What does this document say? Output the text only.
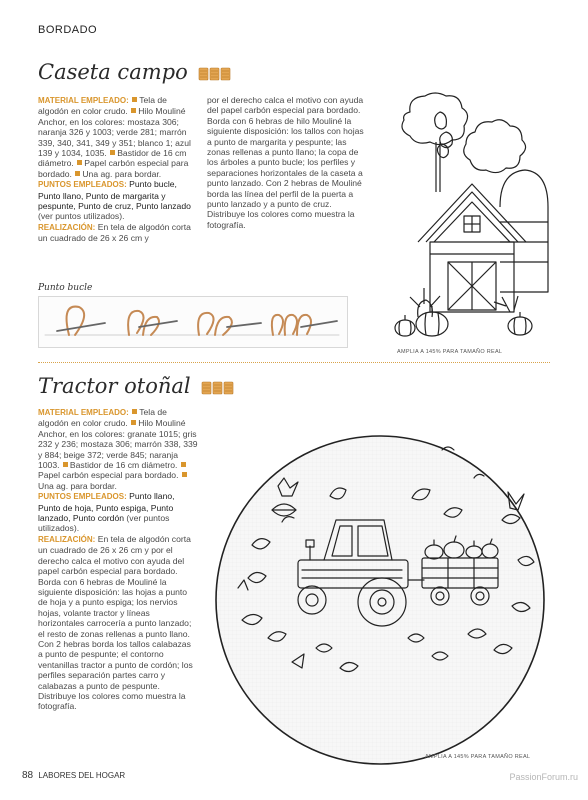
BORDADO
Caseta campo

MATERIAL EMPLEADO: Tela de algodón en color crudo. Hilo Mouliné Anchor, en los colores: mostaza 306; naranja 326 y 1003; verde 281; marrón 339, 340, 341, 349 y 351; blanco 1; azul 139 y 1034, 1035. Bastidor de 16 cm diámetro. Papel carbón especial para bordado. Una ag. para bordar.

PUNTOS EMPLEADOS: Punto bucle, Punto llano, Punto de margarita y pespunte, Punto de cruz, Punto lanzado (ver puntos utilizados).

REALIZACIÓN: En tela de algodón corta un cuadrado de 26 x 26 cm y

por el derecho calca el motivo con ayuda del papel carbón especial para bordado. Borda con 6 hebras de hilo Mouliné la siguiente disposición: los tallos con hojas a punto de margarita y pespunte; las zonas rellenas a punto llano; la copa de los árboles a punto bucle; los perfiles y separaciones horizontales de la caseta a punto lanzado. Con 2 hebras de Mouliné borda las línea del perfil de la puerta a punto lanzado y a punto de cruz. Distribuye los colores como muestra la fotografía.

Punto bucle
AMPLIA A 145% PARA TAMAÑO REAL
Tractor otoñal

MATERIAL EMPLEADO: Tela de algodón en color crudo. Hilo Mouliné Anchor, en los colores: granate 1015; gris 232 y 236; mostaza 306; marrón 338, 339 y 884; beige 372; verde 845; naranja 1003. Bastidor de 16 cm diámetro. Papel carbón especial para bordado. Una ag. para bordar.

PUNTOS EMPLEADOS: Punto llano, Punto de hoja, Punto espiga, Punto lanzado, Punto cordón (ver puntos utilizados).

REALIZACIÓN: En tela de algodón corta un cuadrado de 26 x 26 cm y por el derecho calca el motivo con ayuda del papel carbón especial para bordado. Borda con 6 hebras de Mouliné la siguiente disposición: las hojas a punto de hoja y a punto espiga; los nervios hojas, volante tractor y líneas horizontales carrocería a punto lanzado; el resto de zonas rellenas a punto llano. Con 2 hebras borda los tallos calabazas a punto de pespunte; el contorno ventanillas tractor a punto de cordón; los perfiles separación partes carro y calabazas a punto de pespunte. Distribuye los colores como muestra la fotografía.

AMPLIA A 145% PARA TAMAÑO REAL
88 LABORES DEL HOGAR	PassionForum.ru
